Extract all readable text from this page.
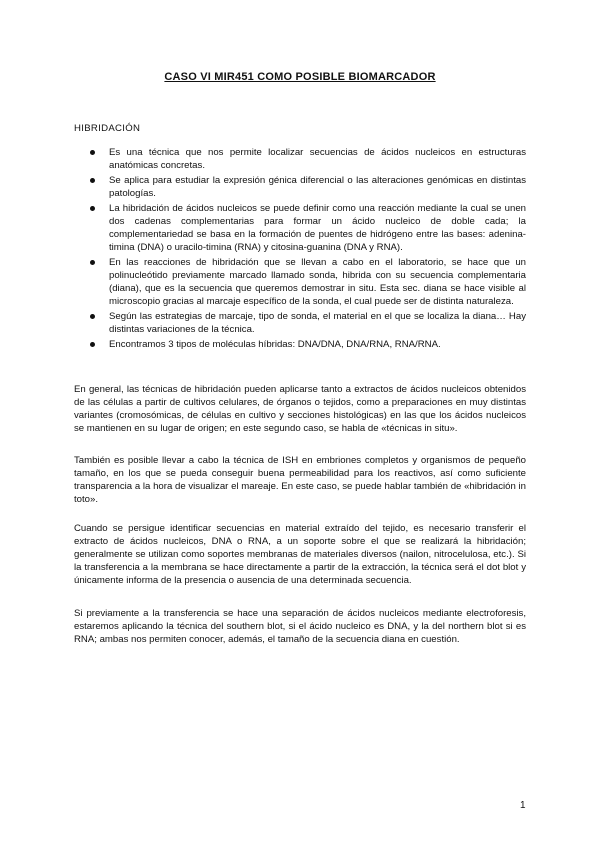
CASO VI MIR451 COMO POSIBLE BIOMARCADOR
HIBRIDACIÓN
Es una técnica que nos permite localizar secuencias de ácidos nucleicos en estructuras anatómicas concretas.
Se aplica para estudiar la expresión génica diferencial o las alteraciones genómicas en distintas patologías.
La hibridación de ácidos nucleicos se puede definir como una reacción mediante la cual se unen dos cadenas complementarias para formar un ácido nucleico de doble cada; la complementariedad se basa en la formación de puentes de hidrógeno entre las bases: adenina-timina (DNA) o uracilo-timina (RNA) y citosina-guanina (DNA y RNA).
En las reacciones de hibridación que se llevan a cabo en el laboratorio, se hace que un polinucleótido previamente marcado llamado sonda, hibrida con su secuencia complementaria (diana), que es la secuencia que queremos demostrar in situ. Esta sec. diana se hace visible al microscopio gracias al marcaje específico de la sonda, el cual puede ser de distinta naturaleza.
Según las estrategias de marcaje, tipo de sonda, el material en el que se localiza la diana… Hay distintas variaciones de la técnica.
Encontramos 3 tipos de moléculas híbridas: DNA/DNA, DNA/RNA, RNA/RNA.

En general, las técnicas de hibridación pueden aplicarse tanto a extractos de ácidos nucleicos obtenidos de las células a partir de cultivos celulares, de órganos o tejidos, como a preparaciones en muy distintas variantes (cromosómicas, de células en cultivo y secciones histológicas) en las que los ácidos nucleicos se mantienen en su lugar de origen; en este segundo caso, se habla de «técnicas in situ».

También es posible llevar a cabo la técnica de ISH en embriones completos y organismos de pequeño tamaño, en los que se pueda conseguir buena permeabilidad para los reactivos, así como suficiente transparencia a la hora de visualizar el mareaje. En este caso, se puede hablar también de «hibridación in toto».

Cuando se persigue identificar secuencias en material extraído del tejido, es necesario transferir el extracto de ácidos nucleicos, DNA o RNA, a un soporte sobre el que se realizará la hibridación; generalmente se utilizan como soportes membranas de materiales diversos (nailon, nitrocelulosa, etc.). Si la transferencia a la membrana se hace directamente a partir de la extracción, la técnica será el dot blot y únicamente informa de la presencia o ausencia de una determinada secuencia.

Si previamente a la transferencia se hace una separación de ácidos nucleicos mediante electroforesis, estaremos aplicando la técnica del southern blot, si el ácido nucleico es DNA, y la del northern blot si es RNA; ambas nos permiten conocer, además, el tamaño de la secuencia diana en cuestión.

1
